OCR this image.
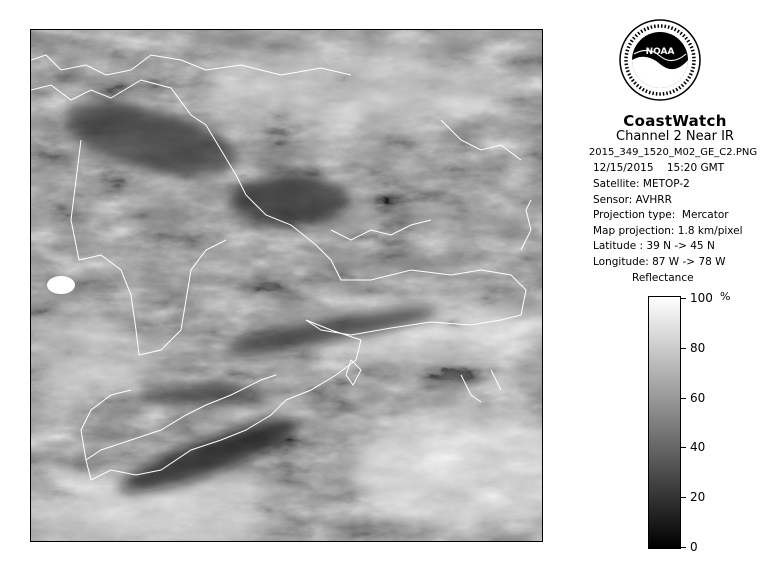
NOAA
CoastWatch
Channel 2 Near IR
2015_349_1520_M02_GE_C2.PNG
12/15/2015    15:20 GMT
Satellite: METOP-2
Sensor: AVHRR
Projection type:  Mercator
Map projection: 1.8 km/pixel
Latitude : 39 N -> 45 N
Longitude: 87 W -> 78 W
Reflectance
%
100
80
60
40
20
0
